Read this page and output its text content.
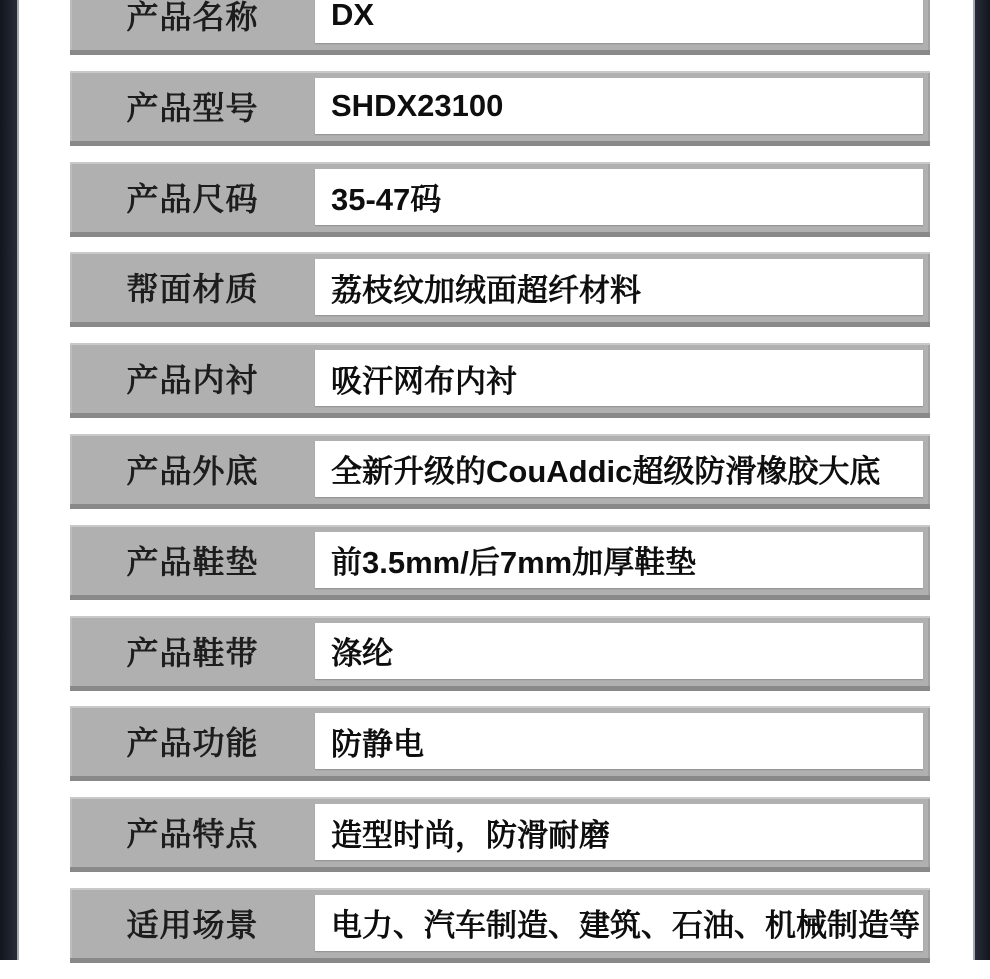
产品名称	DX
产品型号	SHDX23100
产品尺码	35-47码
帮面材质	荔枝纹加绒面超纤材料
产品内衬	吸汗网布内衬
产品外底	全新升级的CouAddic超级防滑橡胶大底
产品鞋垫	前3.5mm/后7mm加厚鞋垫
产品鞋带	涤纶
产品功能	防静电
产品特点	造型时尚，防滑耐磨
适用场景	电力、汽车制造、建筑、石油、机械制造等
